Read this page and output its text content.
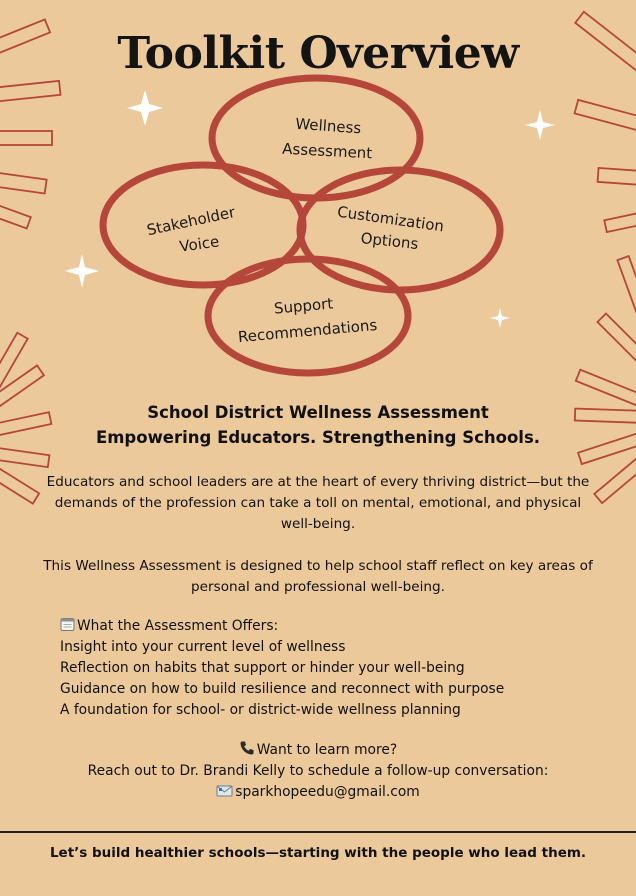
Toolkit Overview
Wellness
Assessment
Stakeholder
Voice
Customization
Options
Support
Recommendations
School District Wellness Assessment
Empowering Educators. Strengthening Schools.
Educators and school leaders are at the heart of every thriving district—but the demands of the profession can take a toll on mental, emotional, and physical well-being.
This Wellness Assessment is designed to help school staff reflect on key areas of personal and professional well-being.
What the Assessment Offers:
Insight into your current level of wellness
Reflection on habits that support or hinder your well-being
Guidance on how to build resilience and reconnect with purpose
A foundation for school- or district-wide wellness planning
Want to learn more?
Reach out to Dr. Brandi Kelly to schedule a follow-up conversation:
sparkhopeedu@gmail.com
Let’s build healthier schools—starting with the people who lead them.
